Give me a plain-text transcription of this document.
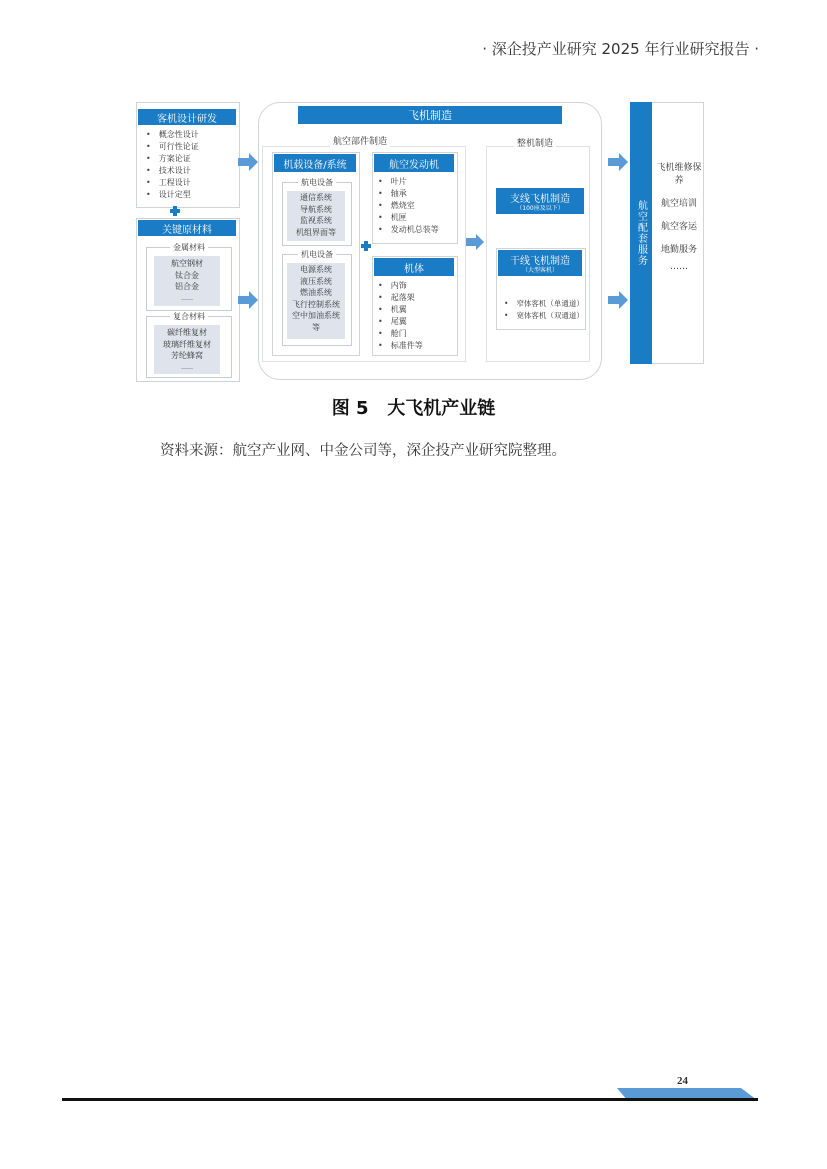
· 深企投产业研究 2025 年行业研究报告 ·
客机设计研发
• 概念性设计
• 可行性论证
• 方案论证
• 技术设计
• 工程设计
• 设计定型
关键原材料
金属材料
航空钢材
钛合金
铝合金
……
复合材料
碳纤维复材
玻璃纤维复材
芳纶蜂窝
……
飞机制造
航空部件制造
机载设备/系统
航电设备
通信系统
导航系统
监视系统
机组界面等
机电设备
电源系统
液压系统
燃油系统
飞行控制系统
空中加油系统
等
航空发动机
• 叶片
• 轴承
• 燃烧室
• 机匣
• 发动机总装等
机体
• 内饰
• 起落架
• 机翼
• 尾翼
• 舱门
• 标准件等
整机制造
支线飞机制造
（100座及以下）
干线飞机制造
（大型客机）
• 窄体客机（单通道）
• 宽体客机（双通道）
航空配套服务
飞机维修保养
航空培训
航空客运
地勤服务
……
图 5   大飞机产业链
资料来源：航空产业网、中金公司等，深企投产业研究院整理。
24
